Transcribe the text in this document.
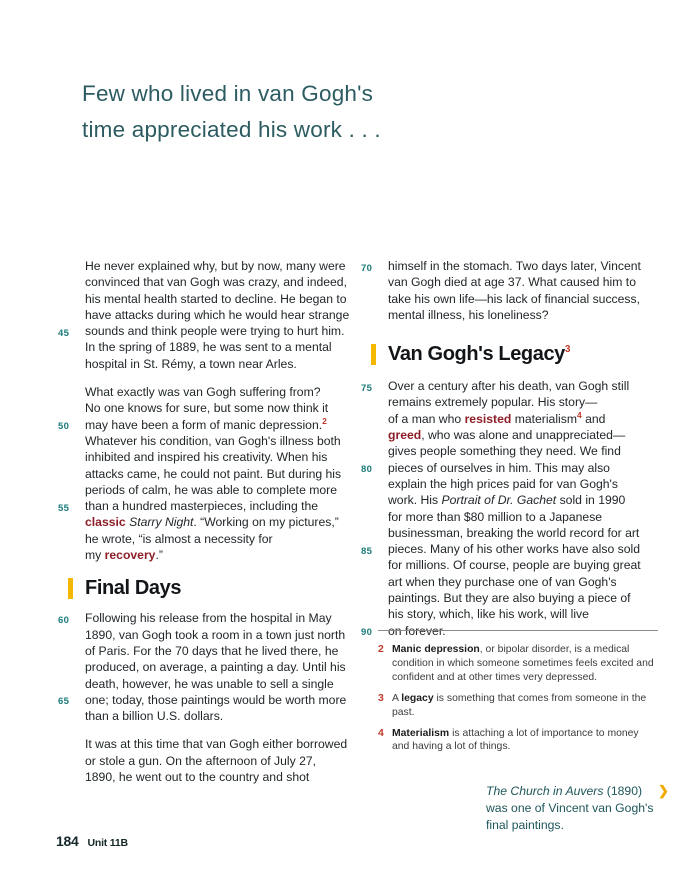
Few who lived in van Gogh's
time appreciated his work . . .
He never explained why, but by now, many were
convinced that van Gogh was crazy, and indeed,
his mental health started to decline. He began to
have attacks during which he would hear strange
45 sounds and think people were trying to hurt him.
In the spring of 1889, he was sent to a mental
hospital in St. Rémy, a town near Arles.
What exactly was van Gogh suffering from?
No one knows for sure, but some now think it
50 may have been a form of manic depression.$^2$
Whatever his condition, van Gogh's illness both
inhibited and inspired his creativity. When his
attacks came, he could not paint. But during his
periods of calm, he was able to complete more
55 than a hundred masterpieces, including the
classic Starry Night. “Working on my pictures,”
he wrote, “is almost a necessity for
my recovery.”
Final Days
60 Following his release from the hospital in May
1890, van Gogh took a room in a town just north
of Paris. For the 70 days that he lived there, he
produced, on average, a painting a day. Until his
death, however, he was unable to sell a single
65 one; today, those paintings would be worth more
than a billion U.S. dollars.
It was at this time that van Gogh either borrowed
or stole a gun. On the afternoon of July 27,
1890, he went out to the country and shot
70 himself in the stomach. Two days later, Vincent
van Gogh died at age 37. What caused him to
take his own life—his lack of financial success,
mental illness, his loneliness?
Van Gogh's Legacy 3
75 Over a century after his death, van Gogh still
remains extremely popular. His story—
of a man who resisted materialism$^4$ and
greed, who was alone and unappreciated—
gives people something they need. We find
80 pieces of ourselves in him. This may also
explain the high prices paid for van Gogh's
work. His Portrait of Dr. Gachet sold in 1990
for more than $80 million to a Japanese
businessman, breaking the world record for art
85 pieces. Many of his other works have also sold
for millions. Of course, people are buying great
art when they purchase one of van Gogh's
paintings. But they are also buying a piece of
his story, which, like his work, will live
90 on forever.
2 Manic depression, or bipolar disorder, is a medical condition in which someone sometimes feels excited and confident and at other times very depressed.
3 A legacy is something that comes from someone in the past.
4 Materialism is attaching a lot of importance to money and having a lot of things.
The Church in Auvers (1890) ❯
was one of Vincent van Gogh's
final paintings.
184 Unit 11B
